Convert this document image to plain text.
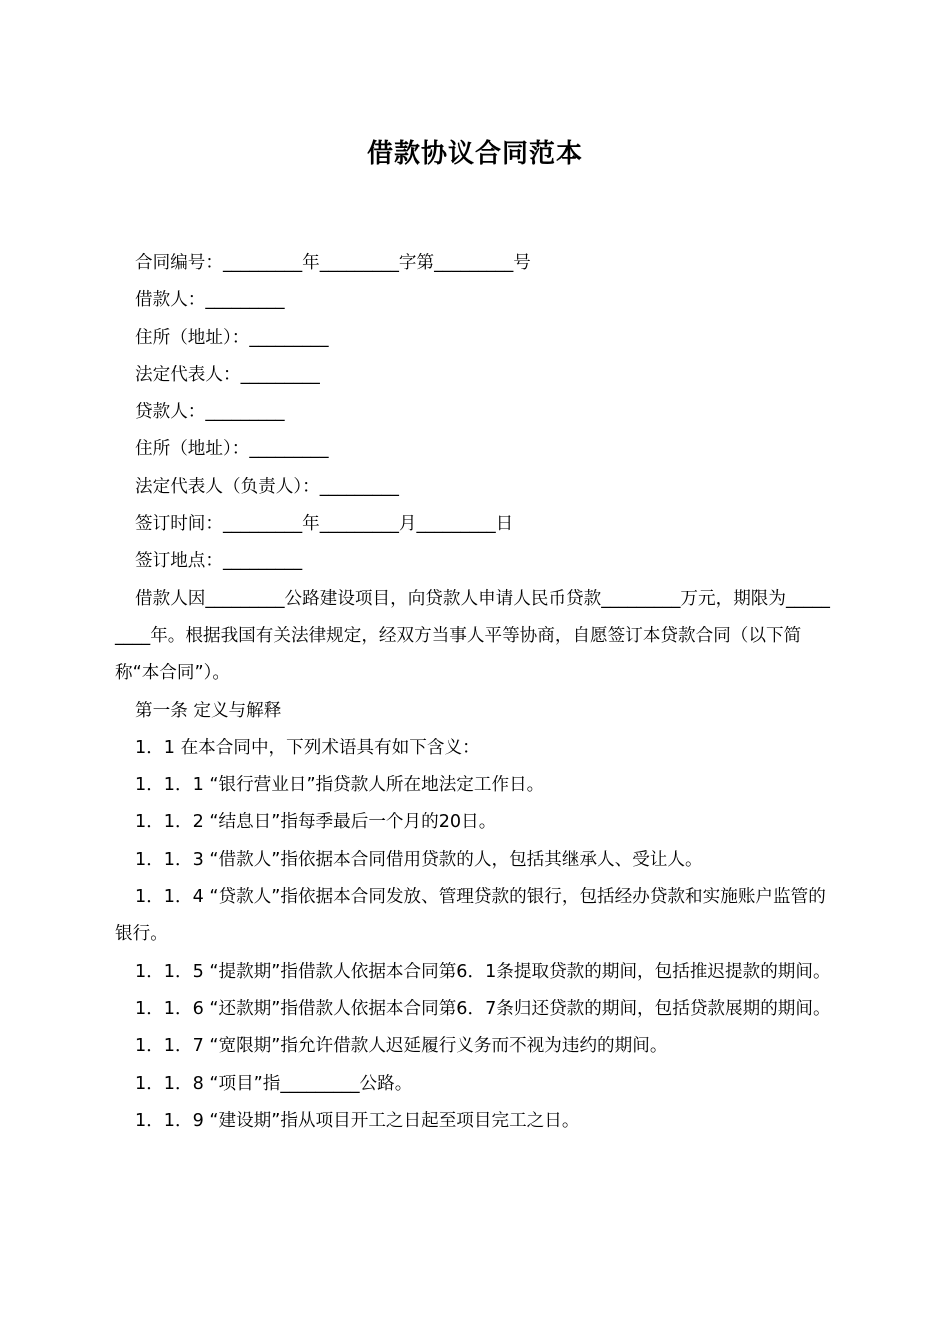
借款协议合同范本

合同编号：_________年_________字第_________号

借款人：_________

住所（地址）：_________

法定代表人：_________

贷款人：_________

住所（地址）：_________

法定代表人（负责人）：_________

签订时间：_________年_________月_________日

签订地点：_________

借款人因_________公路建设项目，向贷款人申请人民币贷款_________万元，期限为_________年。根据我国有关法律规定，经双方当事人平等协商，自愿签订本贷款合同（以下简称“本合同”）。

第一条 定义与解释

1．1 在本合同中，下列术语具有如下含义：

1．1．1 “银行营业日”指贷款人所在地法定工作日。

1．1．2 “结息日”指每季最后一个月的20日。

1．1．3 “借款人”指依据本合同借用贷款的人，包括其继承人、受让人。

1．1．4 “贷款人”指依据本合同发放、管理贷款的银行，包括经办贷款和实施账户监管的银行。

1．1．5 “提款期”指借款人依据本合同第6．1条提取贷款的期间，包括推迟提款的期间。

1．1．6 “还款期”指借款人依据本合同第6．7条归还贷款的期间，包括贷款展期的期间。

1．1．7 “宽限期”指允许借款人迟延履行义务而不视为违约的期间。

1．1．8 “项目”指_________公路。

1．1．9 “建设期”指从项目开工之日起至项目完工之日。
